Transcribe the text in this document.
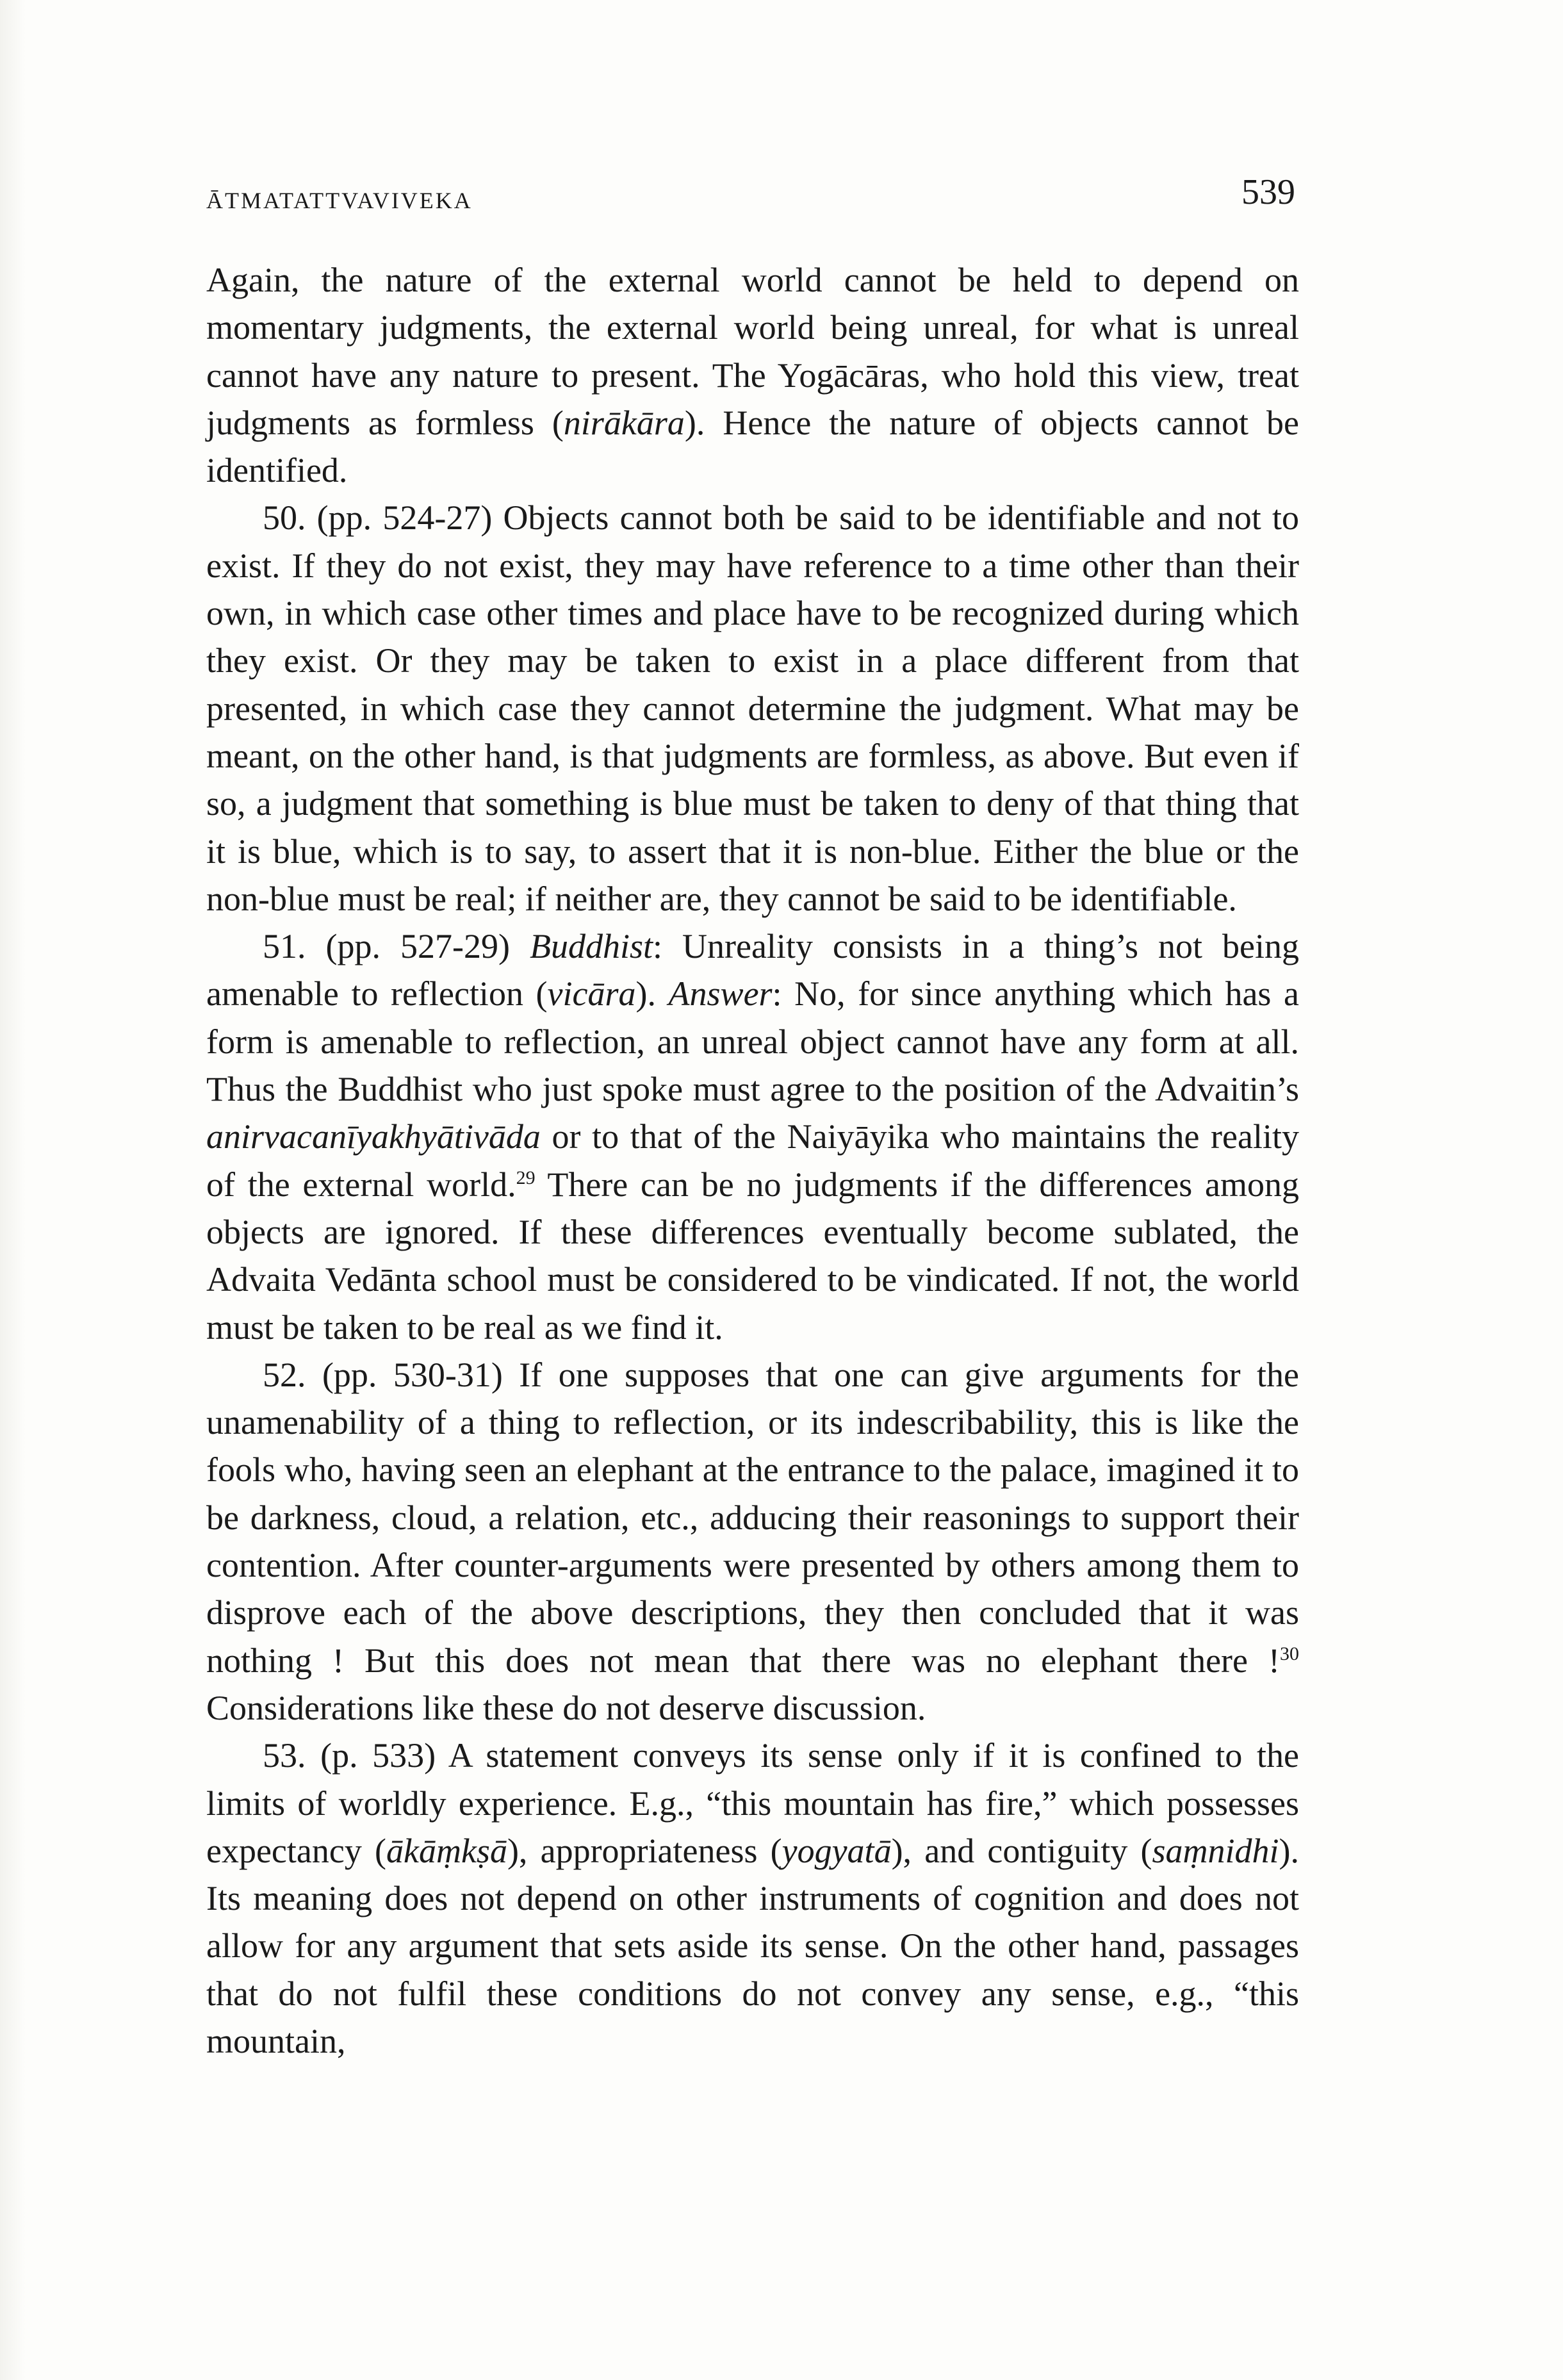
ĀTMATATTVAVIVEKA	539

Again, the nature of the external world cannot be held to depend on momentary judgments, the external world being unreal, for what is unreal cannot have any nature to present. The Yogācāras, who hold this view, treat judgments as formless (nirākāra). Hence the nature of objects cannot be identified.

50. (pp. 524-27) Objects cannot both be said to be identifiable and not to exist. If they do not exist, they may have reference to a time other than their own, in which case other times and place have to be recognized during which they exist. Or they may be taken to exist in a place different from that presented, in which case they cannot determine the judgment. What may be meant, on the other hand, is that judgments are formless, as above. But even if so, a judgment that something is blue must be taken to deny of that thing that it is blue, which is to say, to assert that it is non-blue. Either the blue or the non-blue must be real; if neither are, they cannot be said to be identifiable.

51. (pp. 527-29) Buddhist: Unreality consists in a thing’s not being amenable to reflection (vicāra). Answer: No, for since anything which has a form is amenable to reflection, an unreal object cannot have any form at all. Thus the Buddhist who just spoke must agree to the position of the Advaitin’s anirvacanīyakhyātivāda or to that of the Naiyāyika who maintains the reality of the external world.$^{29}$ There can be no judgments if the differences among objects are ignored. If these differences eventually become sublated, the Advaita Vedānta school must be considered to be vindicated. If not, the world must be taken to be real as we find it.

52. (pp. 530-31) If one supposes that one can give arguments for the unamenability of a thing to reflection, or its indescribability, this is like the fools who, having seen an elephant at the entrance to the palace, imagined it to be darkness, cloud, a relation, etc., adducing their reasonings to support their contention. After counter-arguments were presented by others among them to disprove each of the above descriptions, they then concluded that it was nothing ! But this does not mean that there was no elephant there !$^{30}$ Considerations like these do not deserve discussion.

53. (p. 533) A statement conveys its sense only if it is confined to the limits of worldly experience. E.g., “this mountain has fire,” which possesses expectancy (ākāṃkṣā), appropriateness (yogyatā), and contiguity (saṃnidhi). Its meaning does not depend on other instruments of cognition and does not allow for any argument that sets aside its sense. On the other hand, passages that do not fulfil these conditions do not convey any sense, e.g., “this mountain,
